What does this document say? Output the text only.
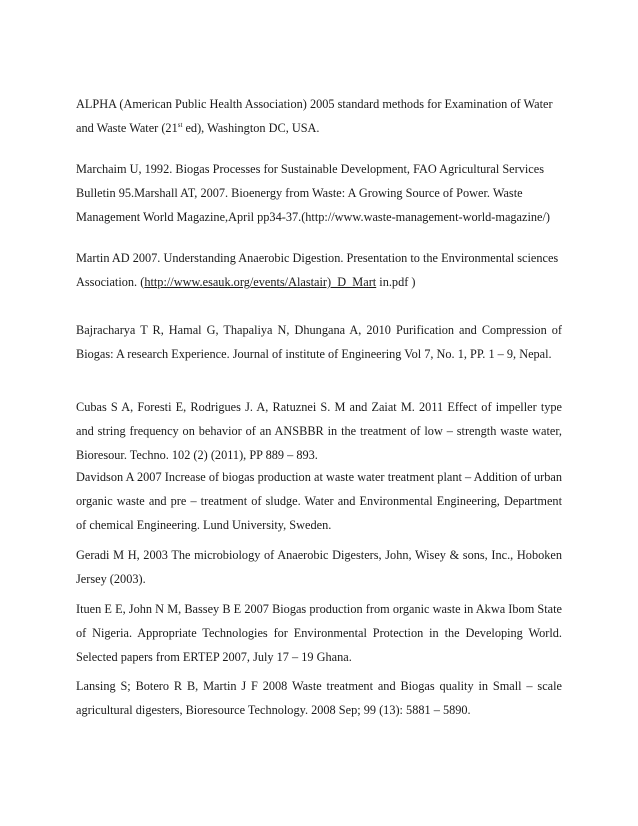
ALPHA (American Public Health Association) 2005 standard methods for Examination of Water and Waste Water (21st ed), Washington DC, USA.

Marchaim U, 1992. Biogas Processes for Sustainable Development, FAO Agricultural Services Bulletin 95.Marshall AT, 2007. Bioenergy from Waste: A Growing Source of Power. Waste Management World Magazine,April pp34-37.(http://www.waste-management-world-magazine/)

Martin AD 2007. Understanding Anaerobic Digestion. Presentation to the Environmental sciences Association. (http://www.esauk.org/events/Alastair)_D_Mart in.pdf )

Bajracharya T R, Hamal G, Thapaliya N, Dhungana A, 2010 Purification and Compression of Biogas: A research Experience. Journal of institute of Engineering Vol 7, No. 1, PP. 1 – 9, Nepal.

Cubas S A, Foresti E, Rodrigues J. A, Ratuznei S. M and Zaiat M. 2011 Effect of impeller type and string frequency on behavior of an ANSBBR in the treatment of low – strength waste water, Bioresour. Techno. 102 (2) (2011), PP 889 – 893.

Davidson A 2007 Increase of biogas production at waste water treatment plant – Addition of urban organic waste and pre – treatment of sludge. Water and Environmental Engineering, Department of chemical Engineering. Lund University, Sweden.

Geradi M H, 2003 The microbiology of Anaerobic Digesters, John, Wisey & sons, Inc., Hoboken Jersey (2003).

Ituen E E, John N M, Bassey B E 2007 Biogas production from organic waste in Akwa Ibom State of Nigeria. Appropriate Technologies for Environmental Protection in the Developing World. Selected papers from ERTEP 2007, July 17 – 19 Ghana.

Lansing S; Botero R B, Martin J F 2008 Waste treatment and Biogas quality in Small – scale agricultural digesters, Bioresource Technology. 2008 Sep; 99 (13): 5881 – 5890.
